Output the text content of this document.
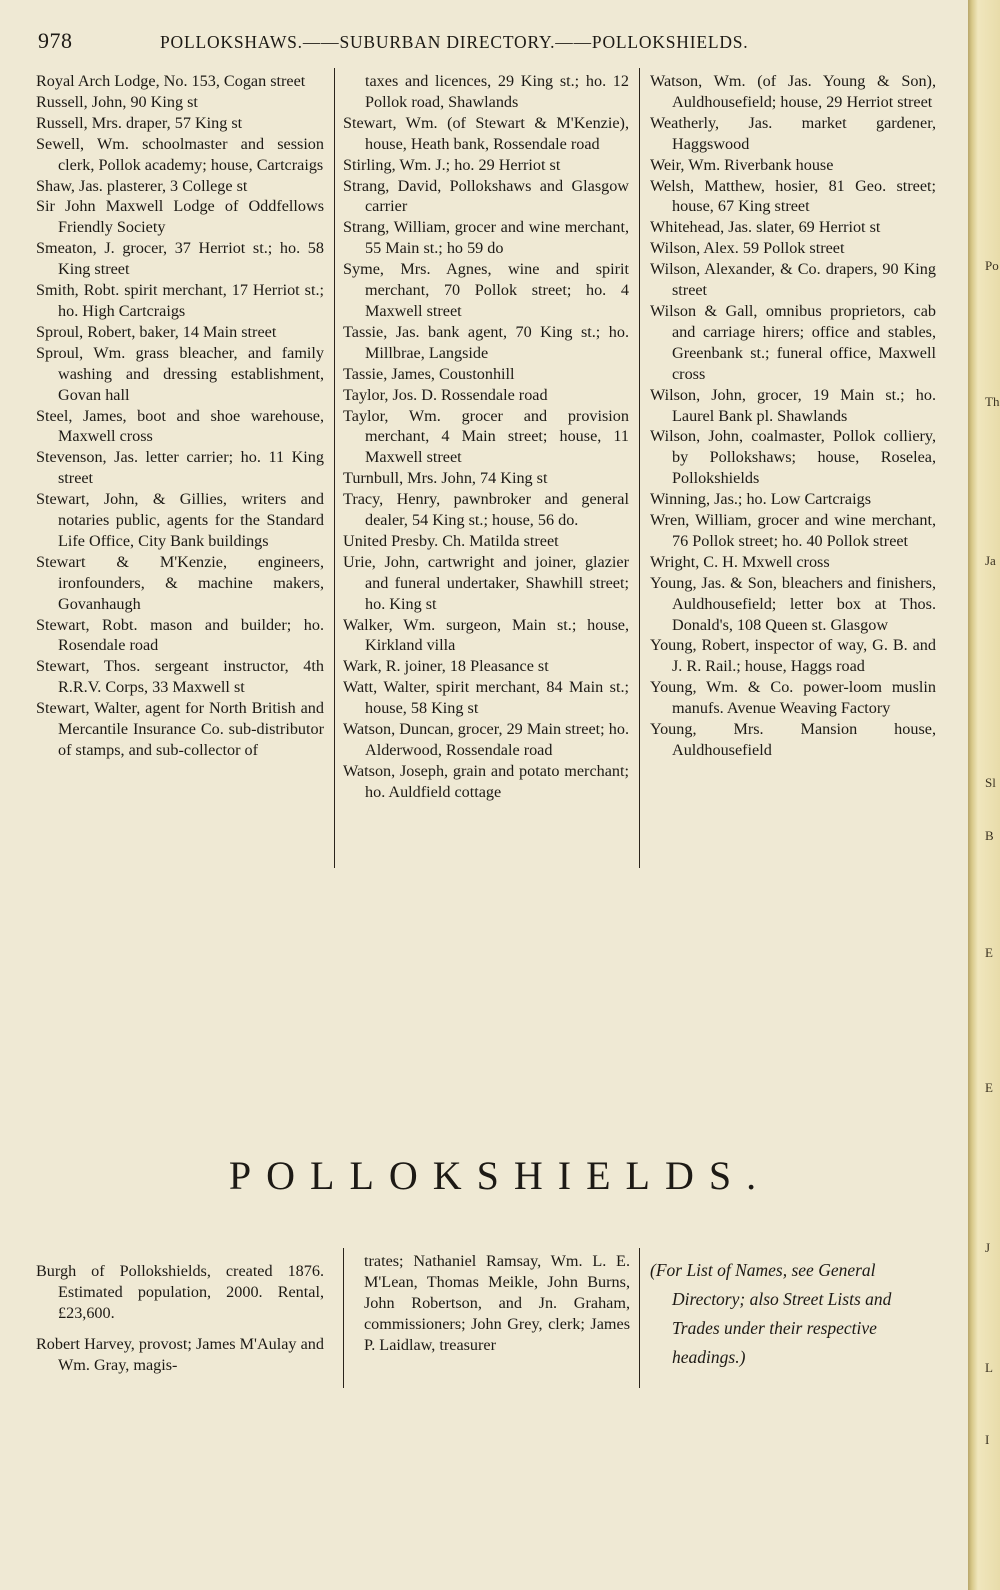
Po
Th
Ja
Sl
B
E
E
J
L
I
978	POLLOKSHAWS.——SUBURBAN DIRECTORY.——POLLOKSHIELDS.

Royal Arch Lodge, No. 153, Cogan street

Russell, John, 90 King st

Russell, Mrs. draper, 57 King st

Sewell, Wm. schoolmaster and session clerk, Pollok academy; house, Cartcraigs

Shaw, Jas. plasterer, 3 College st

Sir John Maxwell Lodge of Oddfellows Friendly Society

Smeaton, J. grocer, 37 Herriot st.; ho. 58 King street

Smith, Robt. spirit merchant, 17 Herriot st.; ho. High Cartcraigs

Sproul, Robert, baker, 14 Main street

Sproul, Wm. grass bleacher, and family washing and dressing establishment, Govan hall

Steel, James, boot and shoe warehouse, Maxwell cross

Stevenson, Jas. letter carrier; ho. 11 King street

Stewart, John, & Gillies, writers and notaries public, agents for the Standard Life Office, City Bank buildings

Stewart & M'Kenzie, engineers, ironfounders, & machine makers, Govanhaugh

Stewart, Robt. mason and builder; ho. Rosendale road

Stewart, Thos. sergeant instructor, 4th R.R.V. Corps, 33 Maxwell st

Stewart, Walter, agent for North British and Mercantile Insurance Co. sub-distributor of stamps, and sub-collector of

taxes and licences, 29 King st.; ho. 12 Pollok road, Shawlands

Stewart, Wm. (of Stewart & M'Kenzie), house, Heath bank, Rossendale road

Stirling, Wm. J.; ho. 29 Herriot st

Strang, David, Pollokshaws and Glasgow carrier

Strang, William, grocer and wine merchant, 55 Main st.; ho 59 do

Syme, Mrs. Agnes, wine and spirit merchant, 70 Pollok street; ho. 4 Maxwell street

Tassie, Jas. bank agent, 70 King st.; ho. Millbrae, Langside

Tassie, James, Coustonhill

Taylor, Jos. D. Rossendale road

Taylor, Wm. grocer and provision merchant, 4 Main street; house, 11 Maxwell street

Turnbull, Mrs. John, 74 King st

Tracy, Henry, pawnbroker and general dealer, 54 King st.; house, 56 do.

United Presby. Ch. Matilda street

Urie, John, cartwright and joiner, glazier and funeral undertaker, Shawhill street; ho. King st

Walker, Wm. surgeon, Main st.; house, Kirkland villa

Wark, R. joiner, 18 Pleasance st

Watt, Walter, spirit merchant, 84 Main st.; house, 58 King st

Watson, Duncan, grocer, 29 Main street; ho. Alderwood, Rossendale road

Watson, Joseph, grain and potato merchant; ho. Auldfield cottage

Watson, Wm. (of Jas. Young & Son), Auldhousefield; house, 29 Herriot street

Weatherly, Jas. market gardener, Haggswood

Weir, Wm. Riverbank house

Welsh, Matthew, hosier, 81 Geo. street; house, 67 King street

Whitehead, Jas. slater, 69 Herriot st

Wilson, Alex. 59 Pollok street

Wilson, Alexander, & Co. drapers, 90 King street

Wilson & Gall, omnibus proprietors, cab and carriage hirers; office and stables, Greenbank st.; funeral office, Maxwell cross

Wilson, John, grocer, 19 Main st.; ho. Laurel Bank pl. Shawlands

Wilson, John, coalmaster, Pollok colliery, by Pollokshaws; house, Roselea, Pollokshields

Winning, Jas.; ho. Low Cartcraigs

Wren, William, grocer and wine merchant, 76 Pollok street; ho. 40 Pollok street

Wright, C. H. Mxwell cross

Young, Jas. & Son, bleachers and finishers, Auldhousefield; letter box at Thos. Donald's, 108 Queen st. Glasgow

Young, Robert, inspector of way, G. B. and J. R. Rail.; house, Haggs road

Young, Wm. & Co. power-loom muslin manufs. Avenue Weaving Factory

Young, Mrs. Mansion house, Auldhousefield

POLLOKSHIELDS.

Burgh of Pollokshields, created 1876. Estimated population, 2000. Rental, £23,600.

Robert Harvey, provost; James M'Aulay and Wm. Gray, magis-

trates; Nathaniel Ramsay, Wm. L. E. M'Lean, Thomas Meikle, John Burns, John Robertson, and Jn. Graham, commissioners; John Grey, clerk; James P. Laidlaw, treasurer

(For List of Names, see General Directory; also Street Lists and Trades under their respective headings.)
